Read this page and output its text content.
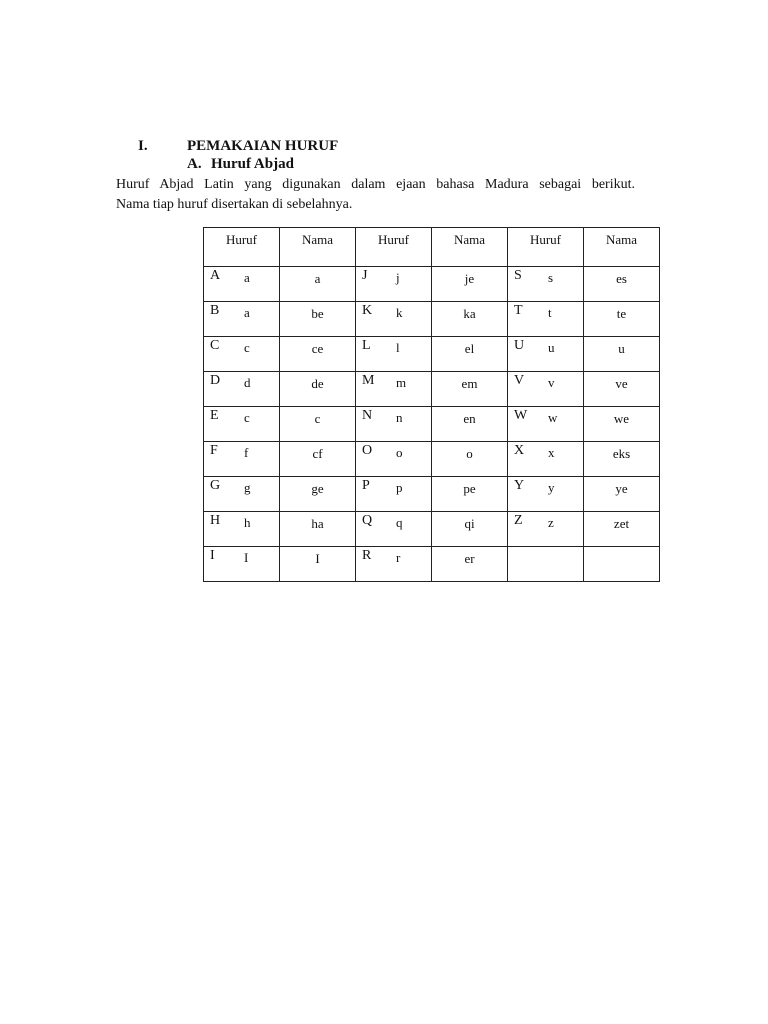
I.	PEMAKAIAN HURUF
A. Huruf Abjad

Huruf Abjad Latin yang digunakan dalam ejaan bahasa Madura sebagai berikut.

Nama tiap huruf disertakan di sebelahnya.

Huruf	Nama	Huruf	Nama	Huruf	Nama

A a	a	J j	je	S s	es

B a	be	K k	ka	T t	te

C c	ce	L l	el	U u	u

D d	de	M m	em	V v	ve

E c	c	N n	en	W w	we

F f	cf	O o	o	X x	eks

G g	ge	P p	pe	Y y	ye

H h	ha	Q q	qi	Z z	zet

I I	I	R r	er		
